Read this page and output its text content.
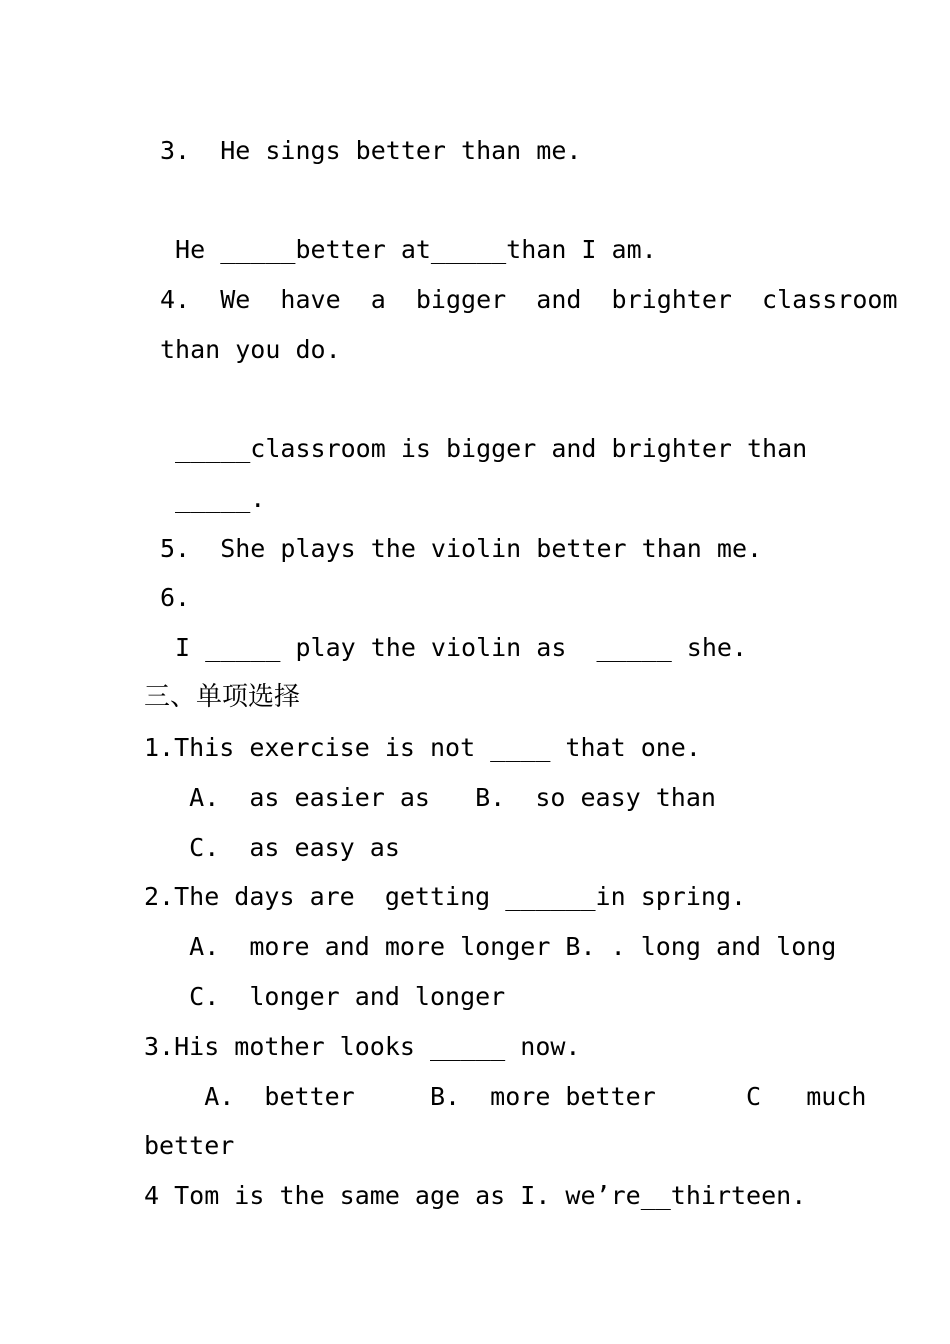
3.  He sings better than me.
He _____better at_____than I am.
4.  We  have  a  bigger  and  brighter  classroom
than you do.
_____classroom is bigger and brighter than
_____.
5.  She plays the violin better than me.
6.
I _____ play the violin as  _____ she.
三、单项选择
1.This exercise is not ____ that one.
A.  as easier as   B.  so easy than
C.  as easy as
2.The days are  getting ______in spring.
A.  more and more longer B. . long and long
C.  longer and longer
3.His mother looks _____ now.
A.  better     B.  more better      C   much
better
4 Tom is the same age as I. we’re__thirteen.
